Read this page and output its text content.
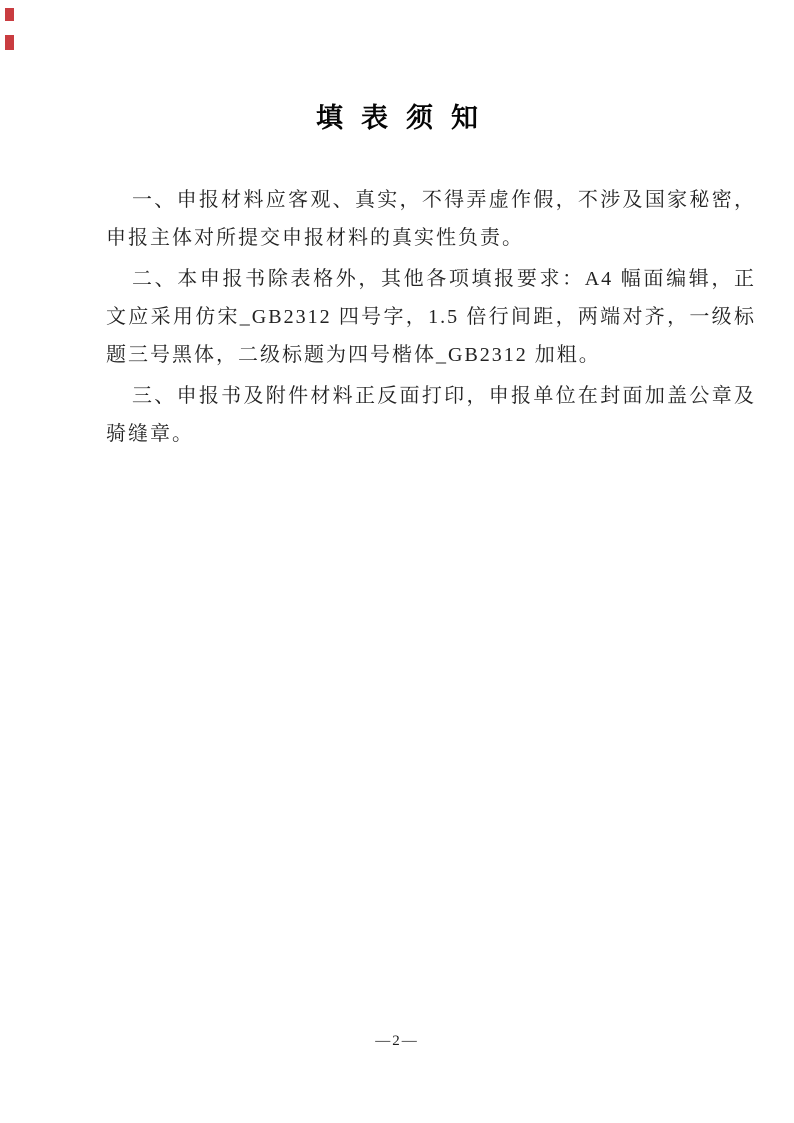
填表须知

一、申报材料应客观、真实，不得弄虚作假，不涉及国家秘密，申报主体对所提交申报材料的真实性负责。

二、本申报书除表格外，其他各项填报要求：A4 幅面编辑，正文应采用仿宋_GB2312 四号字，1.5 倍行间距，两端对齐，一级标题三号黑体，二级标题为四号楷体_GB2312 加粗。

三、申报书及附件材料正反面打印，申报单位在封面加盖公章及骑缝章。

—2—
